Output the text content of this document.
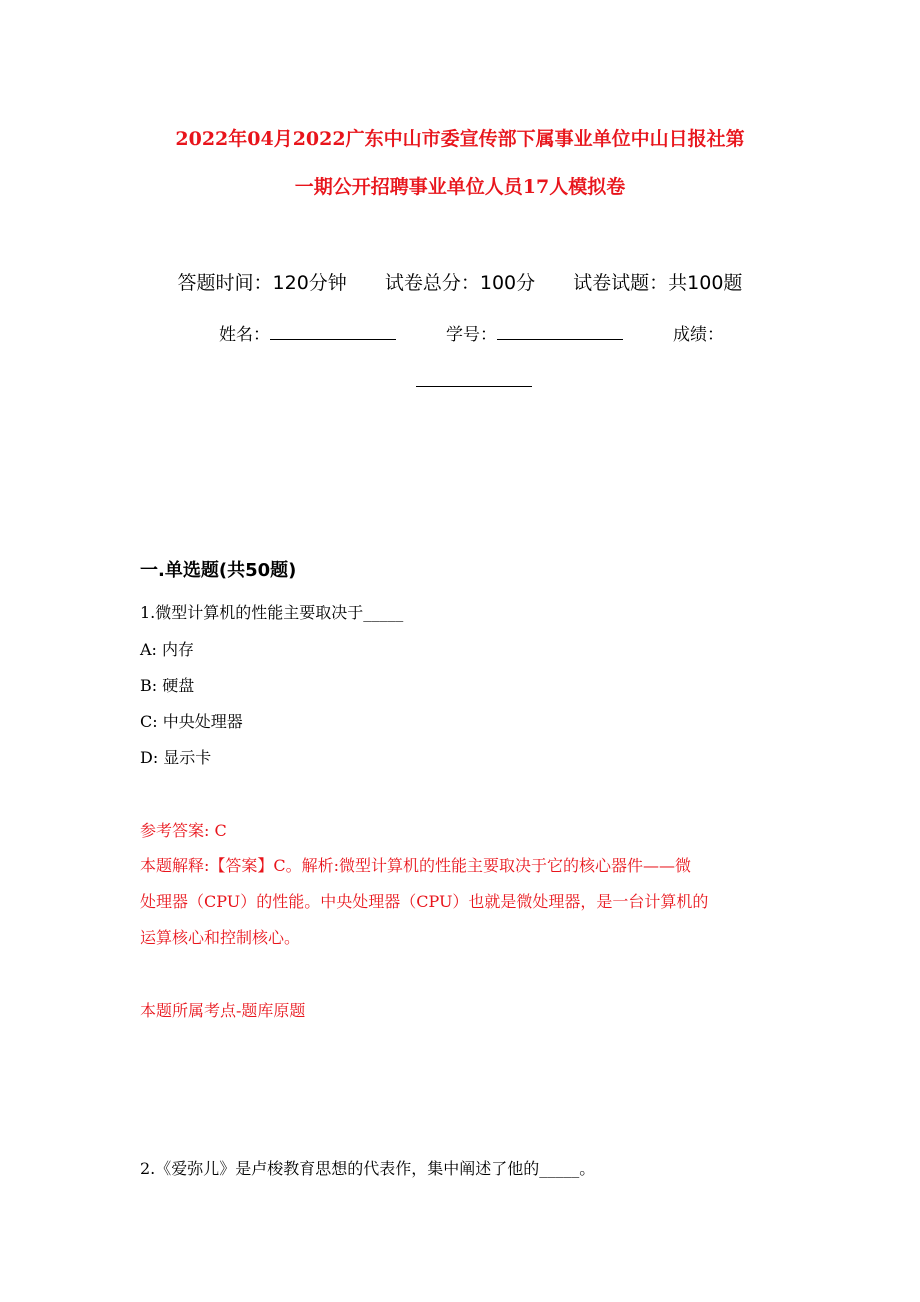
2022年04月2022广东中山市委宣传部下属事业单位中山日报社第
一期公开招聘事业单位人员17人模拟卷
答题时间：120分钟 试卷总分：100分 试卷试题：共100题
姓名：	学号：	成绩：
一.单选题(共50题)
1.微型计算机的性能主要取决于_____
A: 内存
B: 硬盘
C: 中央处理器
D: 显示卡
参考答案: C
本题解释:【答案】C。解析:微型计算机的性能主要取决于它的核心器件——微
处理器（CPU）的性能。中央处理器（CPU）也就是微处理器，是一台计算机的
运算核心和控制核心。
本题所属考点-题库原题
2.《爱弥儿》是卢梭教育思想的代表作，集中阐述了他的_____。
